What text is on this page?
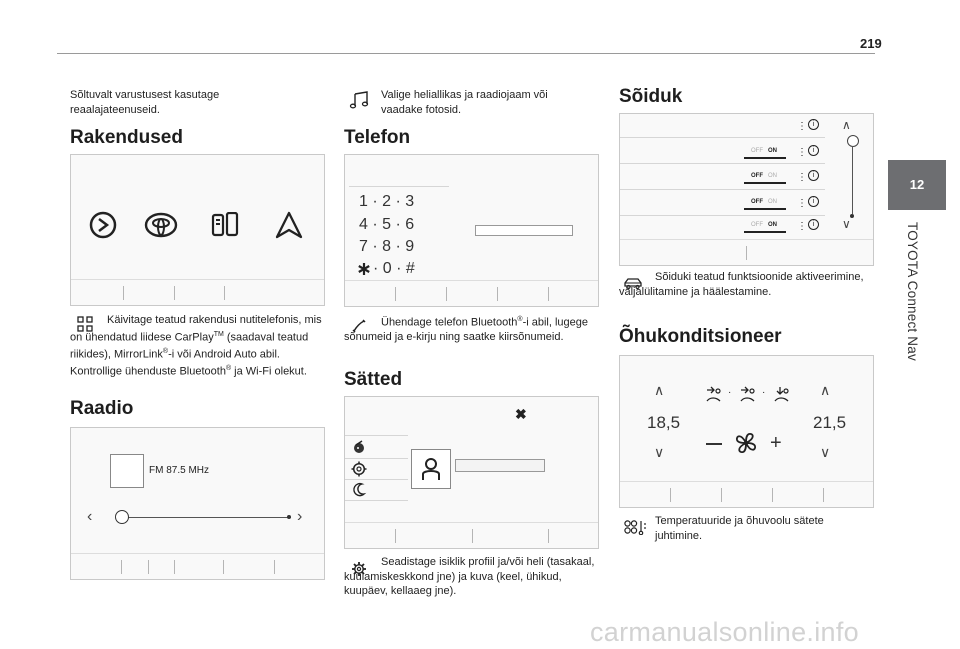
219
12
TOYOTA Connect Nav
Sõltuvalt varustusest kasutage reaalajateenuseid.
Rakendused
Käivitage teatud rakendusi nutitelefonis, mis on ühendatud liidese CarPlay™ (saadaval teatud riikides), MirrorLink®-i või Android Auto abil.
Kontrollige ühenduste Bluetooth® ja Wi-Fi olekut.
Raadio
FM 87.5 MHz
‹	›
Valige heliallikas ja raadiojaam või vaadake fotosid.
Telefon
1 · 2 · 3
4 · 5 · 6
7 · 8 · 9
· 0 · #
Ühendage telefon Bluetooth®-i abil, lugege sõnumeid ja e-kirju ning saatke kiirsõnumeid.
Sätted
✖
Seadistage isiklik profiil ja/või heli (tasakaal, kuulamiskeskkond jne) ja kuva (keel, ühikud, kuupäev, kellaaeg jne).
Sõiduk
⋮ i
OFF ON ⋮ i
OFF ON ⋮ i
OFF ON ⋮ i
OFF ON ⋮ i
∧
∨
Sõiduki teatud funktsioonide aktiveerimine, väljalülitamine ja häälestamine.
Õhukonditsioneer
∧	∧
∨	∨
18,5	21,5
·	·
+
Temperatuuride ja õhuvoolu sätete juhtimine.
carmanualsonline.info
